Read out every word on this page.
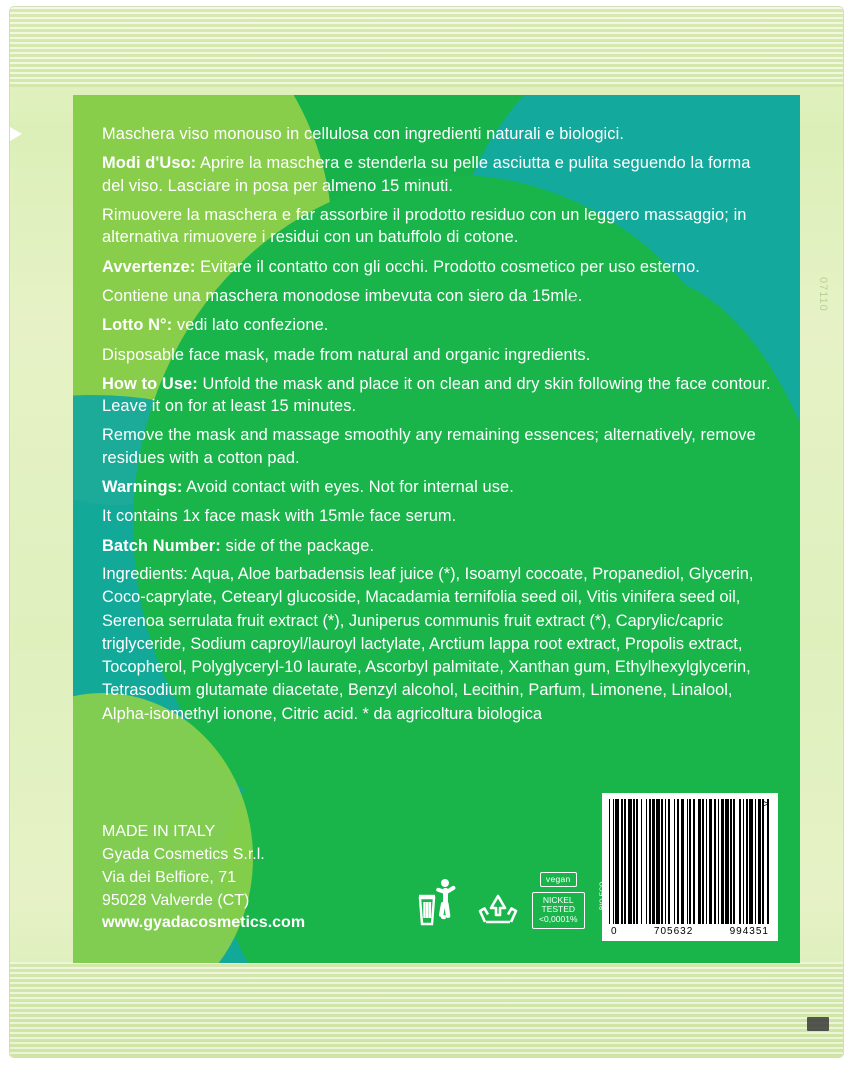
07110

Maschera viso monouso in cellulosa con ingredienti naturali e biologici.

Modi d'Uso: Aprire la maschera e stenderla su pelle asciutta e pulita seguendo la forma del viso. Lasciare in posa per almeno 15 minuti.

Rimuovere la maschera e far assorbire il prodotto residuo con un leggero massaggio; in alternativa rimuovere i residui con un batuffolo di cotone.

Avvertenze: Evitare il contatto con gli occhi. Prodotto cosmetico per uso esterno.

Contiene una maschera monodose imbevuta con siero da 15ml℮.

Lotto N°: vedi lato confezione.

Disposable face mask, made from natural and organic ingredients.

How to Use: Unfold the mask and place it on clean and dry skin following the face contour. Leave it on for at least 15 minutes.

Remove the mask and massage smoothly any remaining essences; alternatively, remove residues with a cotton pad.

Warnings: Avoid contact with eyes. Not for internal use.

It contains 1x face mask with 15ml℮ face serum.

Batch Number: side of the package.

Ingredients: Aqua, Aloe barbadensis leaf juice (*), Isoamyl cocoate, Propanediol, Glycerin, Coco-caprylate, Cetearyl glucoside, Macadamia ternifolia seed oil, Vitis vinifera seed oil, Serenoa serrulata fruit extract (*), Juniperus communis fruit extract (*), Caprylic/capric triglyceride, Sodium caproyl/lauroyl lactylate, Arctium lappa root extract, Propolis extract, Tocopherol, Polyglyceryl-10 laurate, Ascorbyl palmitate, Xanthan gum, Ethylhexylglycerin, Tetrasodium glutamate diacetate, Benzyl alcohol, Lecithin, Parfum, Limonene, Linalool, Alpha-isomethyl ionone, Citric acid. * da agricoltura biologica
MADE IN ITALY
Gyada Cosmetics S.r.l.
Via dei Belfiore, 71
95028 Valverde (CT)
www.gyadacosmetics.com
vegan
NICKEL
TESTED
<0,0001%
>
0	705632	994351
